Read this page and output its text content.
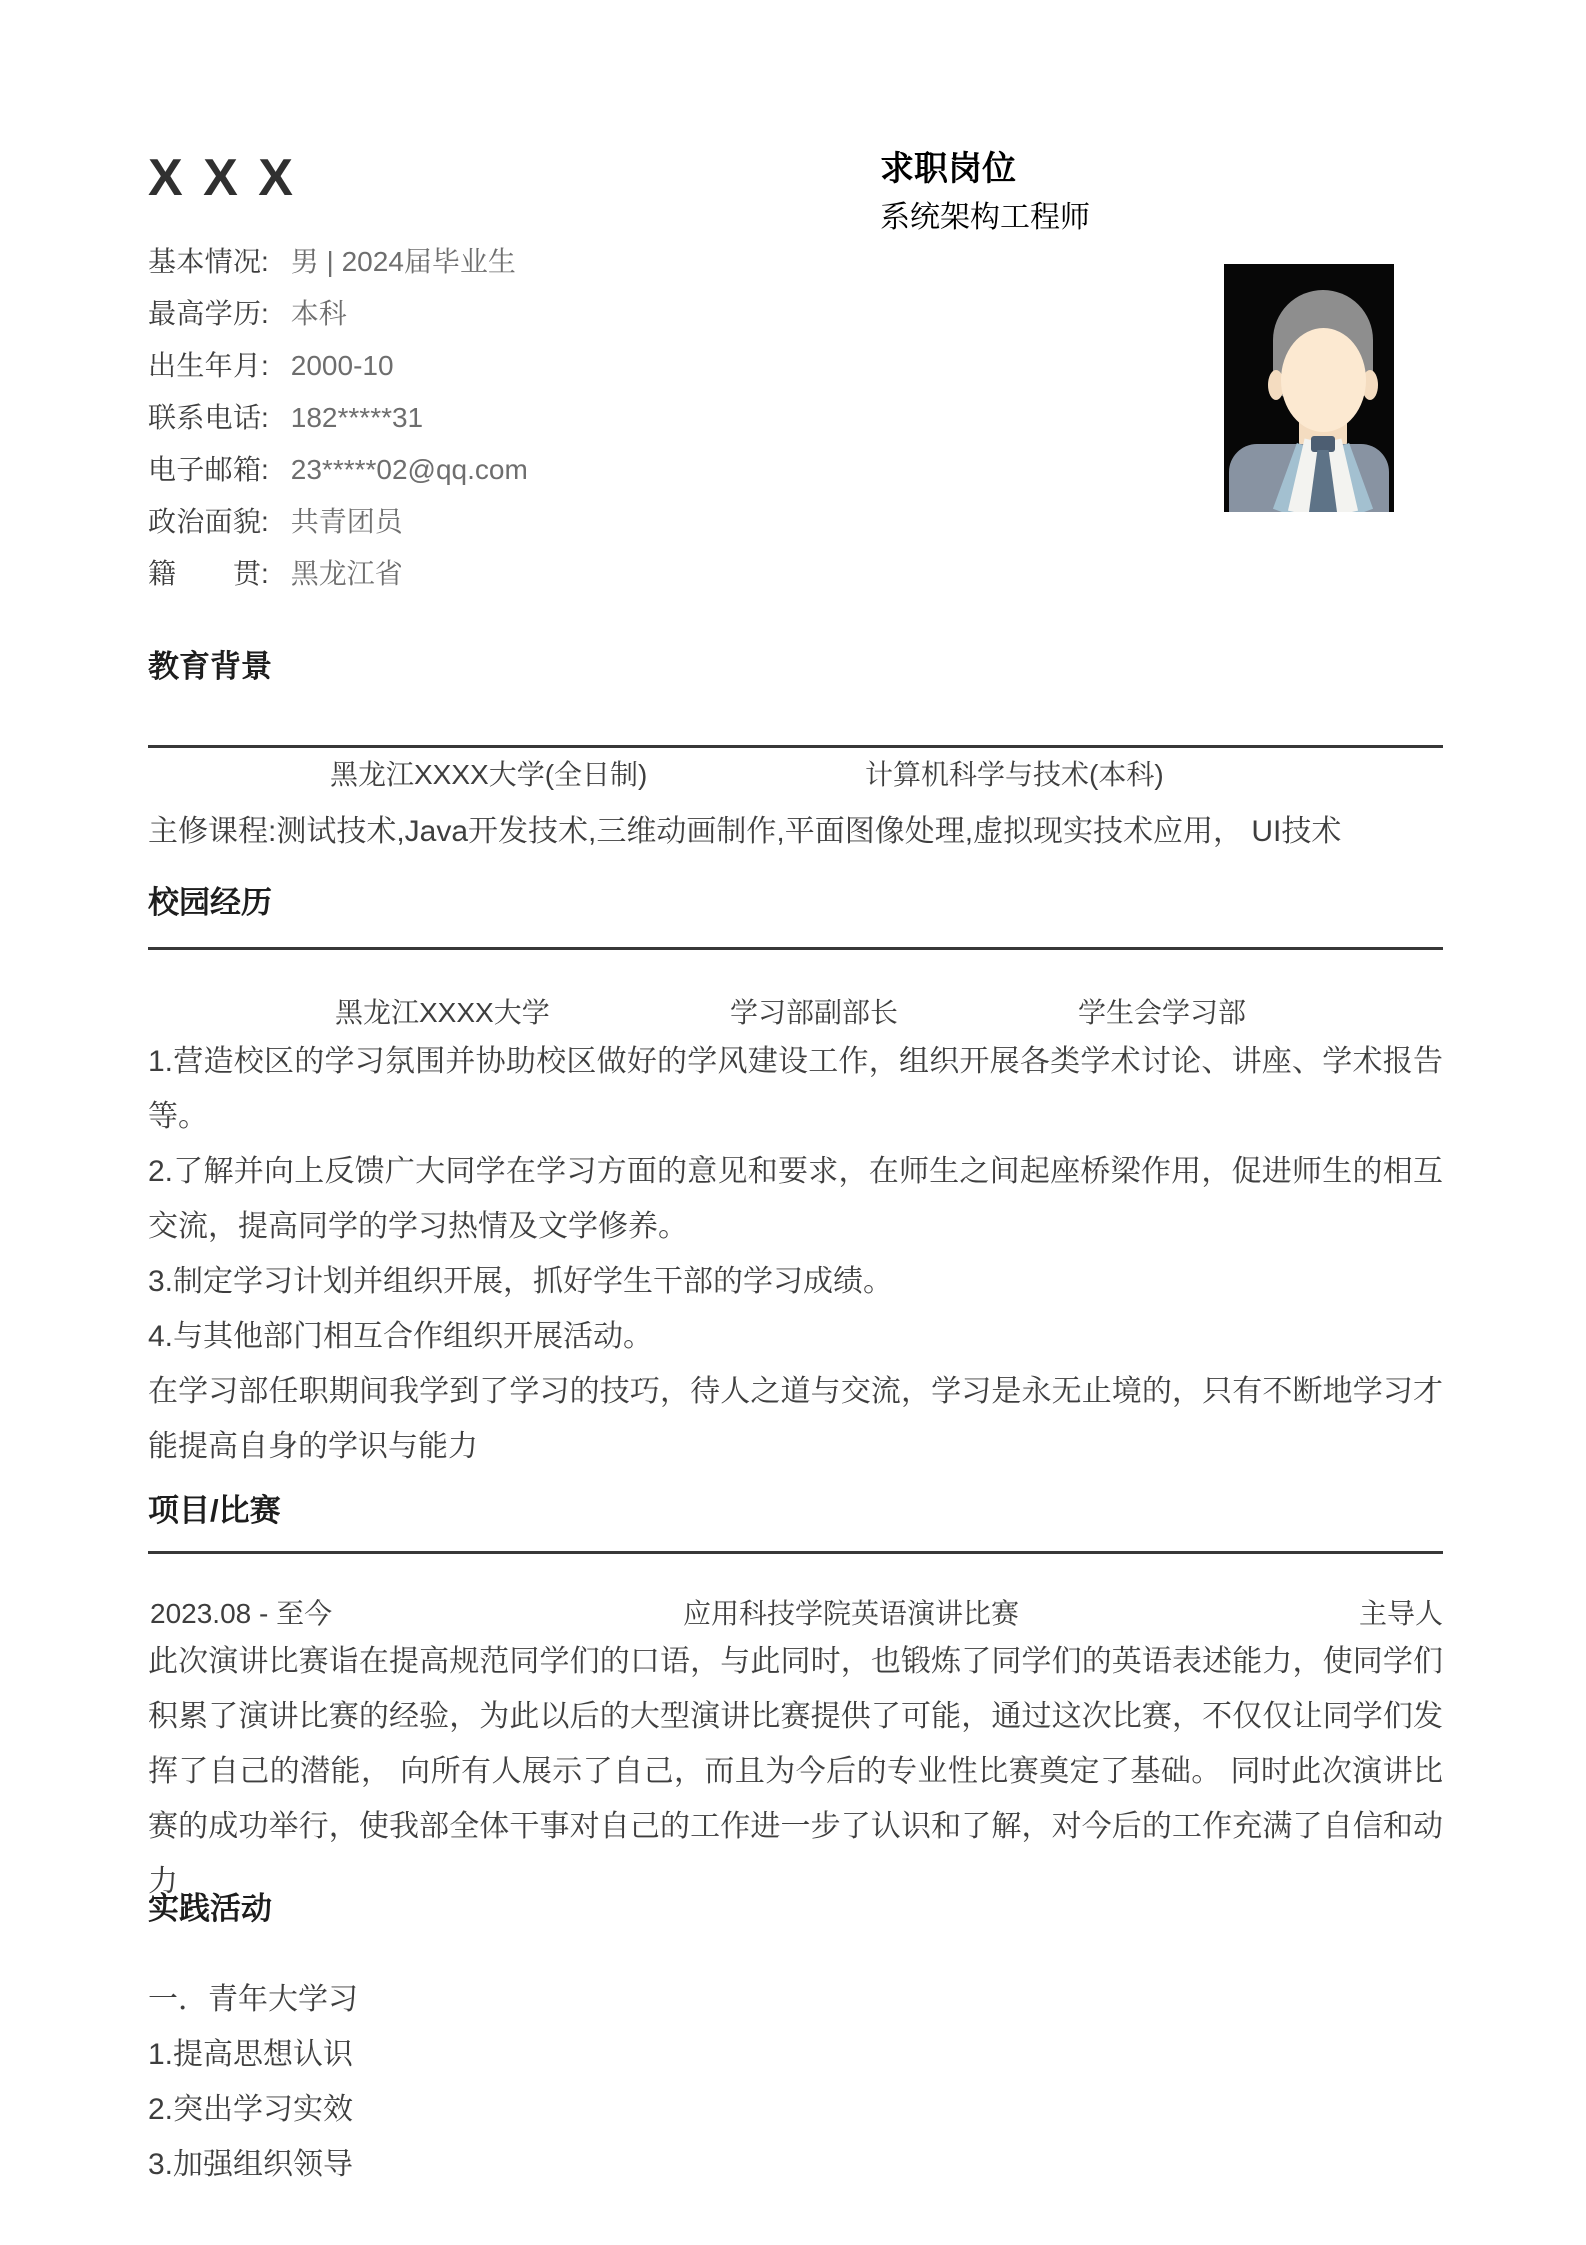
X X X	求职岗位
系统架构工程师
基本情况: 男 | 2024届毕业生
最高学历: 本科
出生年月: 2000-10
联系电话: 182*****31
电子邮箱: 23*****02@qq.com
政治面貌: 共青团员
籍　　贯: 黑龙江省
教育背景
黑龙江XXXX大学(全日制)	计算机科学与技术(本科)
主修课程:测试技术,Java开发技术,三维动画制作,平面图像处理,虚拟现实技术应用， UI技术
校园经历
黑龙江XXXX大学	学习部副部长	学生会学习部

1.营造校区的学习氛围并协助校区做好的学风建设工作，组织开展各类学术讨论、讲座、学术报告等。

2.了解并向上反馈广大同学在学习方面的意见和要求，在师生之间起座桥梁作用，促进师生的相互交流，提高同学的学习热情及文学修养。

3.制定学习计划并组织开展，抓好学生干部的学习成绩。

4.与其他部门相互合作组织开展活动。

在学习部任职期间我学到了学习的技巧，待人之道与交流，学习是永无止境的，只有不断地学习才能提高自身的学识与能力

项目/比赛
2023.08 - 至今	应用科技学院英语演讲比赛	主导人

此次演讲比赛诣在提高规范同学们的口语，与此同时，也锻炼了同学们的英语表述能力，使同学们积累了演讲比赛的经验，为此以后的大型演讲比赛提供了可能，通过这次比赛，不仅仅让同学们发挥了自己的潜能， 向所有人展示了自己，而且为今后的专业性比赛奠定了基础。 同时此次演讲比赛的成功举行，使我部全体干事对自己的工作进一步了认识和了解，对今后的工作充满了自信和动力

实践活动

一．青年大学习

1.提高思想认识

2.突出学习实效

3.加强组织领导
